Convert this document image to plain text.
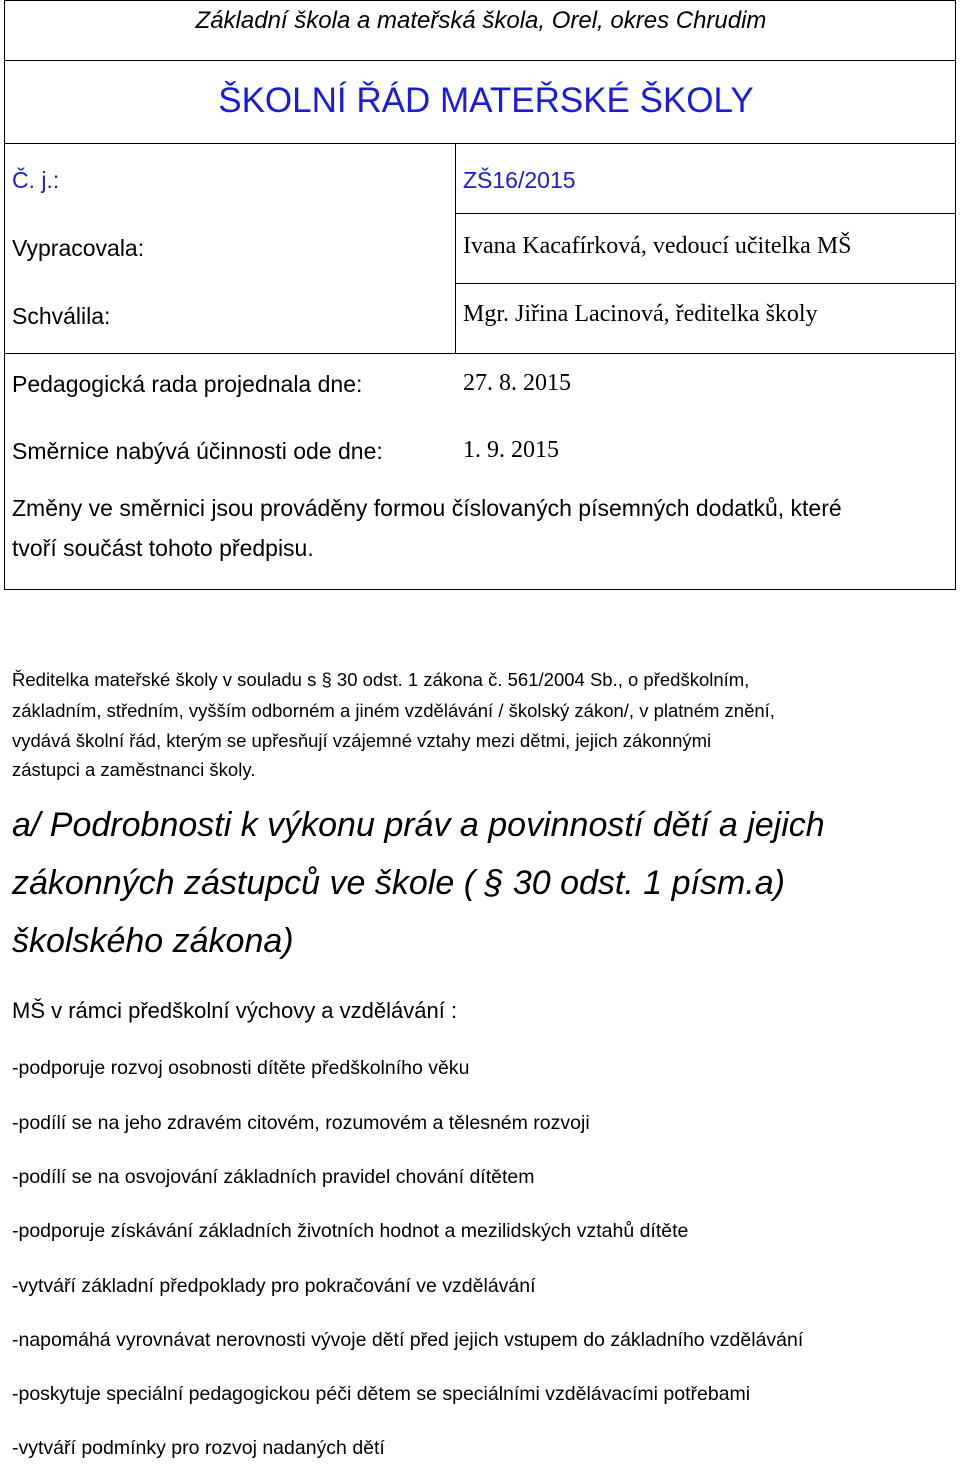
Základní škola a mateřská škola, Orel, okres Chrudim
ŠKOLNÍ ŘÁD MATEŘSKÉ ŠKOLY
Č. j.:	ZŠ16/2015
Vypracovala:	Ivana Kacafírková, vedoucí učitelka MŠ
Schválila:	Mgr. Jiřina Lacinová, ředitelka školy
Pedagogická rada projednala dne:	27. 8. 2015
Směrnice nabývá účinnosti ode dne:	1. 9. 2015
Změny ve směrnici jsou prováděny formou číslovaných písemných dodatků, které
tvoří součást tohoto předpisu.
Ředitelka mateřské školy v souladu s § 30 odst. 1 zákona č. 561/2004 Sb., o předškolním,
základním, středním, vyšším odborném a jiném vzdělávání / školský zákon/, v platném znění,
vydává školní řád, kterým se upřesňují vzájemné vztahy mezi dětmi, jejich zákonnými
zástupci a zaměstnanci školy.
a/ Podrobnosti k výkonu práv a povinností dětí a jejich
zákonných zástupců ve škole ( § 30 odst. 1 písm.a)
školského zákona)
MŠ v rámci předškolní výchovy a vzdělávání :
-podporuje rozvoj osobnosti dítěte předškolního věku
-podílí se na jeho zdravém citovém, rozumovém a tělesném rozvoji
-podílí se na osvojování základních pravidel chování dítětem
-podporuje získávání základních životních hodnot a mezilidských vztahů dítěte
-vytváří základní předpoklady pro pokračování ve vzdělávání
-napomáhá vyrovnávat nerovnosti vývoje dětí před jejich vstupem do základního vzdělávání
-poskytuje speciální pedagogickou péči dětem se speciálními vzdělávacími potřebami
-vytváří podmínky pro rozvoj nadaných dětí
